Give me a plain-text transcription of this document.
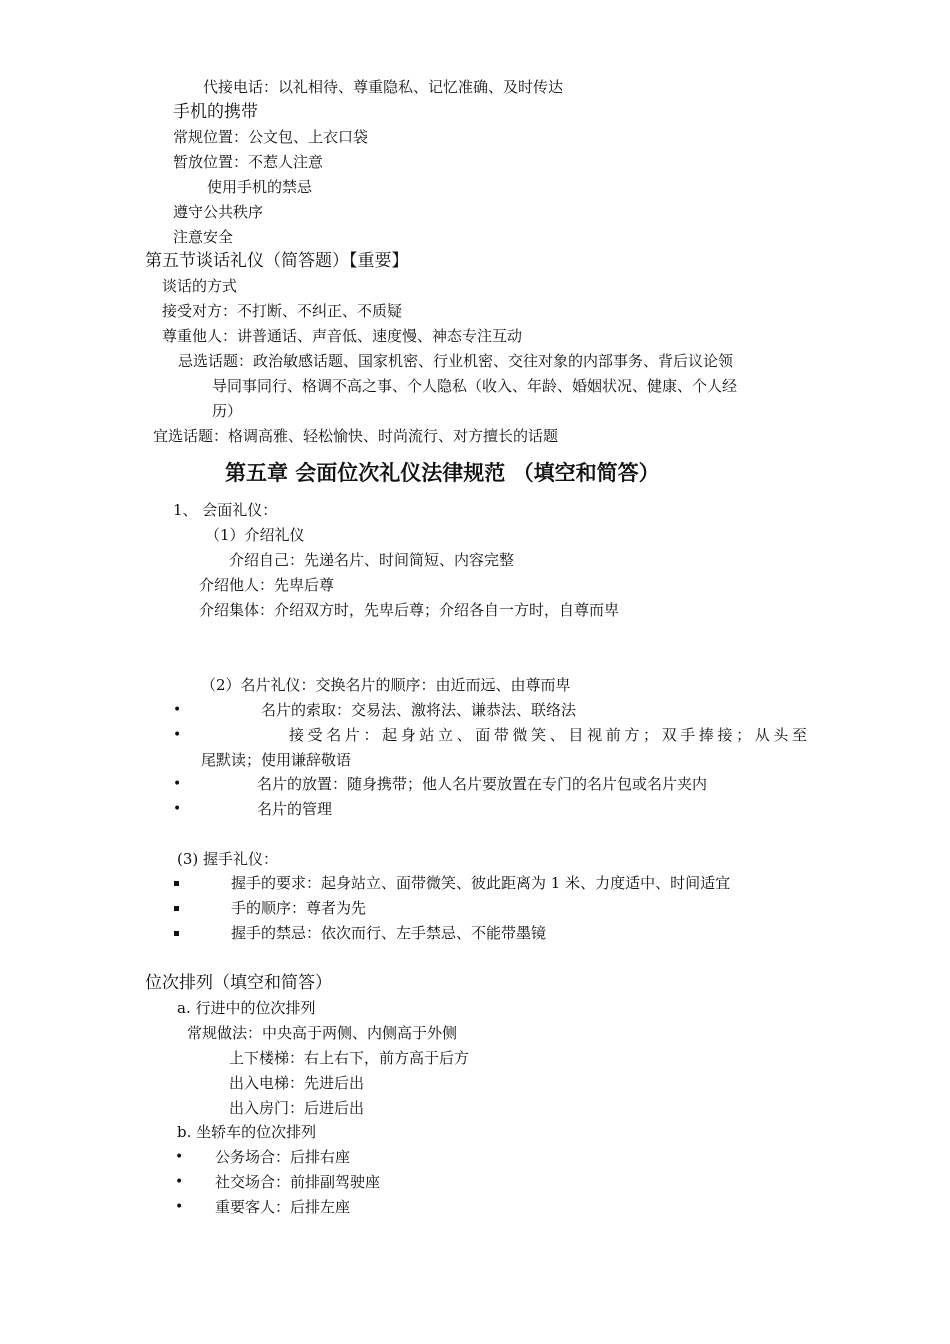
代接电话：以礼相待、尊重隐私、记忆准确、及时传达
手机的携带
常规位置：公文包、上衣口袋
暂放位置：不惹人注意
使用手机的禁忌
遵守公共秩序
注意安全
第五节谈话礼仪（简答题）【重要】
谈话的方式
接受对方：不打断、不纠正、不质疑
尊重他人：讲普通话、声音低、速度慢、神态专注互动
忌选话题：政治敏感话题、国家机密、行业机密、交往对象的内部事务、背后议论领
导同事同行、格调不高之事、个人隐私（收入、年龄、婚姻状况、健康、个人经
历）
宜选话题：格调高雅、轻松愉快、时尚流行、对方擅长的话题
第五章 会面位次礼仪法律规范 （填空和简答）
1、 会面礼仪：
（1）介绍礼仪
介绍自己：先递名片、时间简短、内容完整
介绍他人：先卑后尊
介绍集体：介绍双方时，先卑后尊；介绍各自一方时，自尊而卑
（2）名片礼仪：交换名片的顺序：由近而远、由尊而卑
•	名片的索取：交易法、激将法、谦恭法、联络法
•	接受名片：起身站立、面带微笑、目视前方；双手捧接；从头至
尾默读；使用谦辞敬语
•	名片的放置：随身携带；他人名片要放置在专门的名片包或名片夹内
•	名片的管理
(3) 握手礼仪：
握手的要求：起身站立、面带微笑、彼此距离为 1 米、力度适中、时间适宜
手的顺序：尊者为先
握手的禁忌：依次而行、左手禁忌、不能带墨镜
位次排列（填空和简答）
a. 行进中的位次排列
常规做法：中央高于两侧、内侧高于外侧
上下楼梯：右上右下，前方高于后方
出入电梯：先进后出
出入房门：后进后出
b. 坐轿车的位次排列
• 公务场合：后排右座
• 社交场合：前排副驾驶座
• 重要客人：后排左座
